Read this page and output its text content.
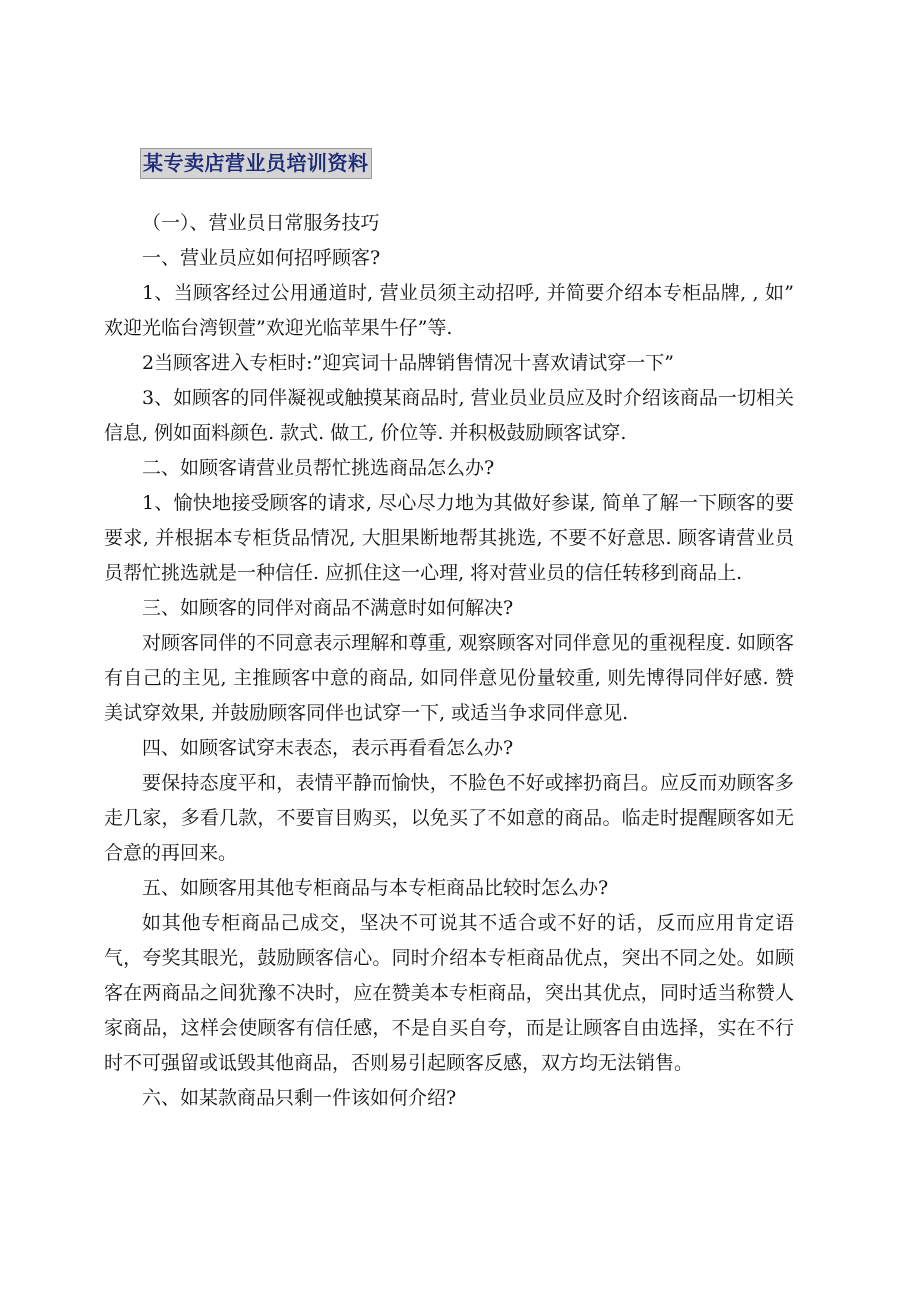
某专卖店营业员培训资料

（一）、营业员日常服务技巧

一、营业员应如何招呼顾客?

1、当顾客经过公用通道时, 营业员须主动招呼, 并简要介绍本专柜品牌, , 如”欢迎光临台湾钡萱”欢迎光临苹果牛仔”等.

2当顾客进入专柜时:”迎宾词十品牌销售情况十喜欢请试穿一下”

3、如顾客的同伴凝视或触摸某商品时, 营业员业员应及时介绍该商品一切相关信息, 例如面料颜色. 款式. 做工, 价位等. 并积极鼓励顾客试穿.

二、如顾客请营业员帮忙挑选商品怎么办?

1、愉快地接受顾客的请求, 尽心尽力地为其做好参谋, 简单了解一下顾客的要要求, 并根据本专柜货品情况, 大胆果断地帮其挑选, 不要不好意思. 顾客请营业员员帮忙挑选就是一种信任. 应抓住这一心理, 将对营业员的信任转移到商品上.

三、如顾客的同伴对商品不满意时如何解决?

对顾客同伴的不同意表示理解和尊重, 观察顾客对同伴意见的重视程度. 如顾客有自己的主见, 主推顾客中意的商品, 如同伴意见份量较重, 则先博得同伴好感. 赞美试穿效果, 并鼓励顾客同伴也试穿一下, 或适当争求同伴意见.

四、如顾客试穿末表态，表示再看看怎么办?

要保持态度平和，表情平静而愉快，不脸色不好或摔扔商吕。应反而劝顾客多走几家，多看几款，不要盲目购买，以免买了不如意的商品。临走时提醒顾客如无合意的再回来。

五、如顾客用其他专柜商品与本专柜商品比较时怎么办?

如其他专柜商品己成交，坚决不可说其不适合或不好的话，反而应用肯定语气，夸奖其眼光，鼓励顾客信心。同时介绍本专柜商品优点，突出不同之处。如顾客在两商品之间犹豫不决时，应在赞美本专柜商品，突出其优点，同时适当称赞人家商品，这样会使顾客有信任感，不是自买自夸，而是让顾客自由选择，实在不行时不可强留或诋毁其他商品，否则易引起顾客反感，双方均无法销售。

六、如某款商品只剩一件该如何介绍?
